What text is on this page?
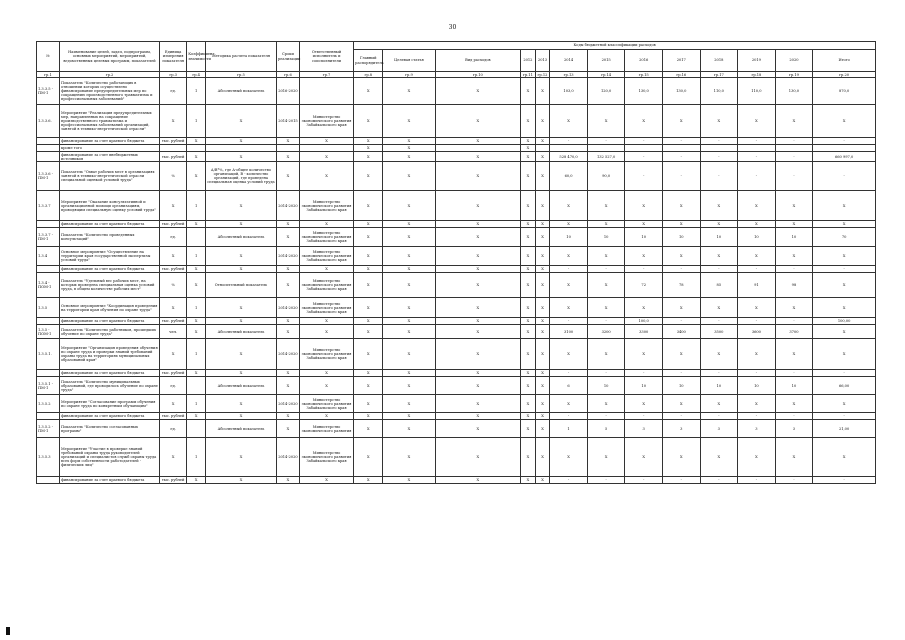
30
№	Наименование целей, задач, подпрограмм, основных мероприятий, мероприятий, ведомственных целевых программ, показателей	Единица измерения показателя	Коэффициент значимости	Методика расчета показателя	Сроки реализации	Ответственный исполнитель и соисполнители	Коды бюджетной классификации расходов												
							Главный распорядитель	Целевая статья	Вид расходов	2012	2013	2014	2015	2016	2017	2018	2019	2020	Итого
гр.1	гр.2	гр.3	гр.4	гр.5	гр.6	гр.7	гр.8	гр.9	гр.10	гр.11	гр.12	гр.13	гр.14	гр.15	гр.16	гр.17	гр.18	гр.19	гр.20
1.3.3.5 - ПМ-1	Показатель "Количество работающих в отношении которых осуществлено финансирование предупредительных мер по сокращению производственного травматизма и профессиональных заболеваний"	ед.	1	Абсолютный показатель	2016-2020		X	X	X	X	X	103,0	120,0	130,0	130,0	110,0	110,0	130,0	870,0
1.3.3.6.	Мероприятие "Реализация предупредительных мер, направленных на сокращение производственного травматизма и профессиональных заболеваний организаций, занятой в технико-энергетической отрасли"	X	1	X	2014-2015	Министерство экономического развития Забайкальского края	X	X	X	X	X	X	X	X	X	X	X	X	X
	финансирование за счет краевого бюджета	тыс. рублей	X	X	X	X	X	X	X	X	X	-	-	-	-	-	-	-	-
	кроме того						X	X		X									
	финансирование за счет внебюджетных источников	тыс. рублей	X	X	X	X	X	X	X	X	X	528 470,0	132 527,0	-	-	-	-	-	660 997,0
1.3.3.6 - ПМ-1	Показатель "Охват рабочих мест в организациях занятой в технико-энергетической отрасли специальной оценкой условий труда"	%	X	А/В*%, где А-общее количество организаций, В - количество организаций, где проведена специальная оценка условий труда	X	X	X	X	X	X	X	60,0	90,0	-	-	-	-	-	-
1.3.3.7	Мероприятие "Оказание консультативной и организационной помощи организациям, проводящим специальную оценку условий труда"	X	1	X	2014-2020	Министерство экономического развития Забайкальского края	X	X	X	X	X	X	X	X	X	X	X	X	X
	финансирование за счет краевого бюджета	тыс. рублей	X	X	X	X	X	X	X	X	X	X	X	X	X	X	X	X	X
1.3.3.7 - ПМ-1	Показатель "Количество проведенных консультаций"	ед.		Абсолютный показатель	X	Министерство экономического развития Забайкальского края	X	X	X	X	X	10	10	10	10	10	10	10	70
1.3.4	Основное мероприятие "Осуществление на территории края государственной экспертизы условий труда"	X	1	X	2014-2020	Министерство экономического развития Забайкальского края	X	X	X	X	X	X	X	X	X	X	X	X	X
	финансирование за счет краевого бюджета	тыс. рублей	X	X	X	X	X	X	X	X	X	-	-	-	-	-	-	-	-
1.3.4 - ПОМ-1	Показатель "Удельный вес рабочих мест, на которых проведена специальная оценка условий труда, в общем количестве рабочих мест"	%	X	Относительный показатель	X	Министерство экономического развития Забайкальского края	X	X	X	X	X	X	X	72	78	85	91	98	X
1.3.5	Основное мероприятие "Координация проведения на территории края обучения по охране труда"	X	1	X	2014-2020	Министерство экономического развития Забайкальского края	X	X	X	X	X	X	X	X	X	X	X	X	X
	финансирование за счет краевого бюджета	тыс. рублей	X	X	X	X	X	X	X	X	X	-	-	100,0	-	-	-	-	100,00
1.3.5 - ПОМ-1	Показатель "Количество работников, прошедших обучение по охране труда"	чел.	X	Абсолютный показатель	X	X	X	X	X	X	X	3100	3200	3300	3400	3500	3600	3700	X
1.3.5.1.	Мероприятие "Организация проведения обучения по охране труда и проверки знаний требований охраны труда на территориях муниципальных образований края"	X	1	X	2014-2020	Министерство экономического развития Забайкальского края	X	X	X	X	X	X	X	X	X	X	X	X	X
	финансирование за счет краевого бюджета	тыс. рублей	X	X	X	X	X	X	X	X	X	-	-	-	-	-	-	-	-
1.3.5.1 - ПМ-1	Показатель "Количество муниципальных образований, где проводилось обучение по охране труда"	ед.		Абсолютный показатель	X	X	X	X	X	X	X	6	10	10	10	10	10	10	66,00
1.3.5.2	Мероприятие "Согласование программ обучения по охране труда по конкретным обучающим"	X	1	X	2014-2020	Министерство экономического развития Забайкальского края	X	X	X	X	X	X	X	X	X	X	X	X	X
	финансирование за счет краевого бюджета	тыс. рублей	X	X	X	X	X	X	X	X	X	-	-	-	-	-	-	-	-
1.3.5.2 - ПМ-1	Показатель "Количество согласованных программ"	ед.		Абсолютный показатель	X	Министерство экономического развития	X	X	X	X	X	1	5	3	3	3	3	3	21,00
1.3.5.3	Мероприятие "Участие в проверке знаний требований охраны труда руководителей организаций и специалистов служб охраны труда всех форм собственности работодателей - физических лиц"	X	1	X	2014-2020	Министерство экономического развития Забайкальского края	X	X	X	X	X	X	X	X	X	X	X	X	X
	финансирование за счет краевого бюджета	тыс. рублей	X	X	X	X	X	X	X	X	X	-	-	-	-	-	-	-	-
